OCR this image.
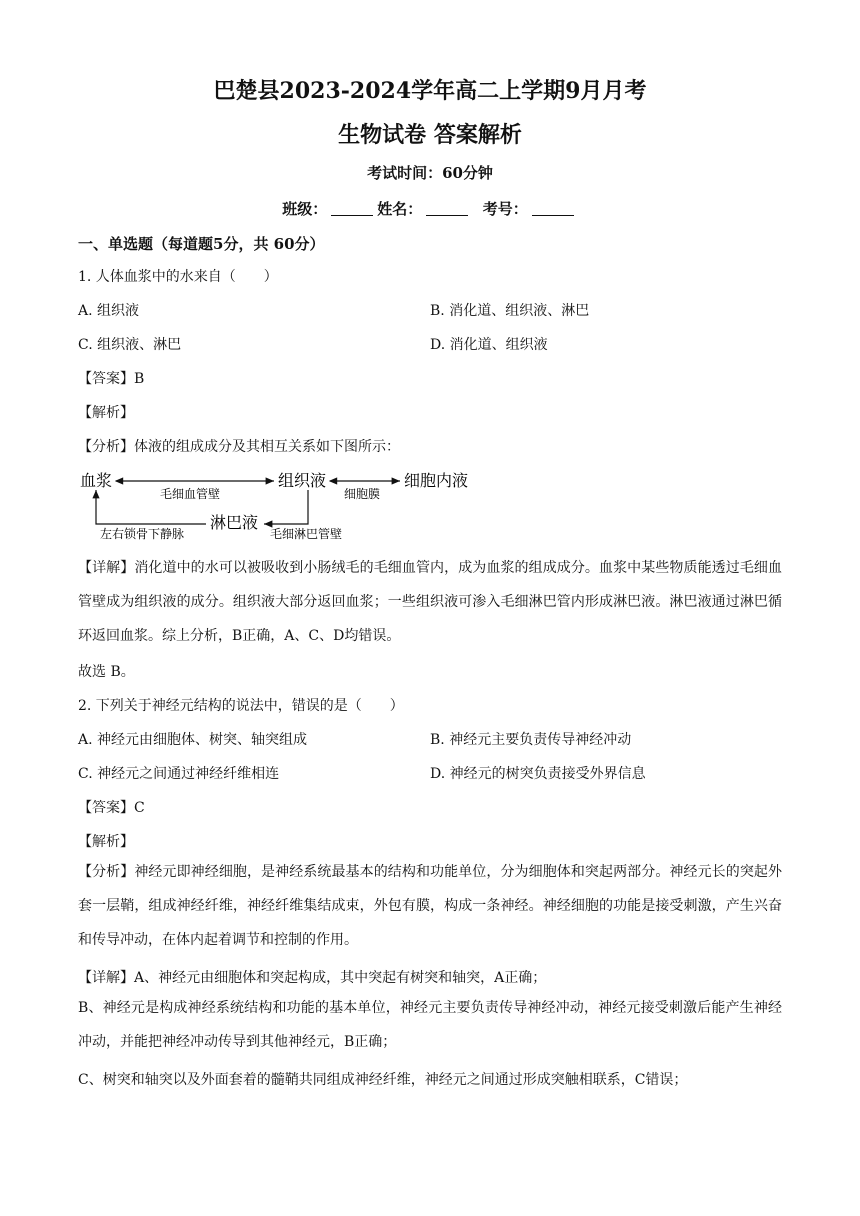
巴楚县2023-2024学年高二上学期9月月考
生物试卷 答案解析
考试时间：60分钟
班级：	姓名：	考号：
一、单选题（每道题5分，共 60分）
1. 人体血浆中的水来自（　　）
A. 组织液	B. 消化道、组织液、淋巴
C. 组织液、淋巴	D. 消化道、组织液
【答案】B
【解析】
【分析】体液的组成成分及其相互关系如下图所示：
血浆	组织液	细胞内液
淋巴液
毛细血管壁	细胞膜
毛细淋巴管壁
左右锁骨下静脉
【详解】消化道中的水可以被吸收到小肠绒毛的毛细血管内，成为血浆的组成成分。血浆中某些物质能透过毛细血管壁成为组织液的成分。组织液大部分返回血浆；一些组织液可渗入毛细淋巴管内形成淋巴液。淋巴液通过淋巴循环返回血浆。综上分析，B正确，A、C、D均错误。
故选 B。
2. 下列关于神经元结构的说法中，错误的是（　　）
A. 神经元由细胞体、树突、轴突组成	B. 神经元主要负责传导神经冲动
C. 神经元之间通过神经纤维相连	D. 神经元的树突负责接受外界信息
【答案】C
【解析】
【分析】神经元即神经细胞，是神经系统最基本的结构和功能单位，分为细胞体和突起两部分。神经元长的突起外套一层鞘，组成神经纤维，神经纤维集结成束，外包有膜，构成一条神经。神经细胞的功能是接受刺激，产生兴奋和传导冲动，在体内起着调节和控制的作用。
【详解】A、神经元由细胞体和突起构成，其中突起有树突和轴突，A正确；
B、神经元是构成神经系统结构和功能的基本单位，神经元主要负责传导神经冲动，神经元接受刺激后能产生神经冲动，并能把神经冲动传导到其他神经元，B正确；
C、树突和轴突以及外面套着的髓鞘共同组成神经纤维，神经元之间通过形成突触相联系，C错误；
